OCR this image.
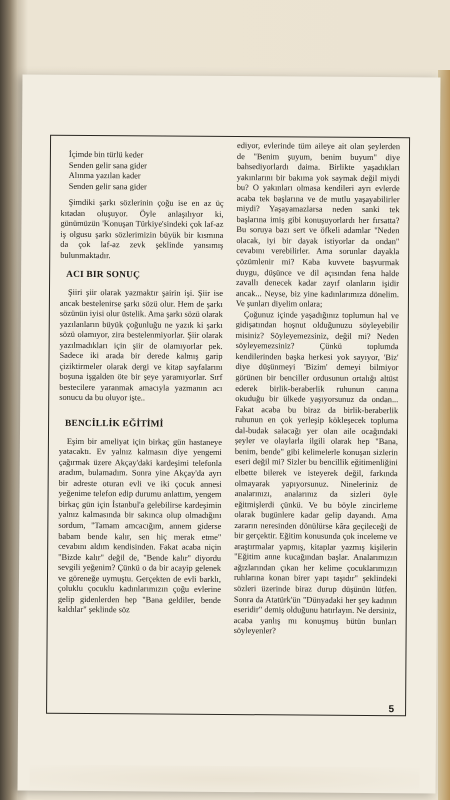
İçimde bin türlü keder
Senden gelir sana gider
Alınma yazılan kader
Senden gelir sana gider

Şimdiki şarkı sözlerinin çoğu ise en az üç kıtadan oluşuyor. Öyle anlaşılıyor ki, günümüzün 'Konuşan Türkiye'sindeki çok laf-az iş olgusu şarkı sözlerimizin büyük bir kısmına da çok laf-az zevk şeklinde yansımış bulunmaktadır.

ACI BIR SONUÇ

Şiiri şiir olarak yazmaktır şairin işi. Şiir ise ancak bestelenirse şarkı sözü olur. Hem de şarkı sözünün iyisi olur üstelik. Ama şarkı sözü olarak yazılanların büyük çoğunluğu ne yazık ki şarkı sözü olamıyor, zira bestelenmiyorlar. Şiir olarak yazılmadıkları için şiir de olamıyorlar pek. Sadece iki arada bir derede kalmış garip çiziktirmeler olarak dergi ve kitap sayfalarını boşuna işgalden öte bir şeye yaramıyorlar. Sırf bestecilere yaranmak amacıyla yazmanın acı sonucu da bu oluyor işte..

BENCİLLİK EĞİTİMİ

Eşim bir ameliyat için birkaç gün hastaneye yatacaktı. Ev yalnız kalmasın diye yengemi çağırmak üzere Akçay'daki kardeşimi telefonla aradım, bulamadım. Sonra yine Akçay'da ayrı bir adreste oturan evli ve iki çocuk annesi yeğenime telefon edip durumu anlattım, yengem birkaç gün için İstanbul'a gelebilirse kardeşimin yalnız kalmasında bir sakınca olup olmadığını sordum, "Tamam amcacığım, annem giderse babam bende kalır, sen hiç merak etme" cevabını aldım kendisinden. Fakat acaba niçin "Bizde kalır" değil de, "Bende kalır" diyordu sevgili yeğenim? Çünkü o da bir acayip gelenek ve göreneğe uymuştu. Gerçekten de evli barklı, çoluklu çocuklu kadınlarımızın çoğu evlerine gelip gidenlerden hep "Bana geldiler, bende kaldılar" şeklinde söz

ediyor, evlerinde tüm aileye ait olan şeylerden de "Benim şuyum, benim buyum" diye bahsediyorlardı daima. Birlikte yaşadıkları yakınlarını bir bakıma yok saymak değil miydi bu? O yakınları olmasa kendileri ayrı evlerde acaba tek başlarına ve de mutlu yaşayabilirler miydi? Yaşayamazlarsa neden sanki tek başlarına imiş gibi konuşuyorlardı her fırsatta? Bu soruya bazı sert ve öfkeli adamlar "Neden olacak, iyi bir dayak istiyorlar da ondan" cevabını verebilirler. Ama sorunlar dayakla çözümlenir mi? Kaba kuvvete başvurmak duygu, düşünce ve dil açısından fena halde zavallı denecek kadar zayıf olanların işidir ancak... Neyse, biz yine kadınlarımıza dönelim. Ve şunları diyelim onlara;

Çoğunuz içinde yaşadığınız toplumun hal ve gidişatından hoşnut olduğunuzu söyleyebilir misiniz? Söyleyemezsiniz, değil mi? Neden söyleyemezsiniz? Çünkü toplumda kendilerinden başka herkesi yok sayıyor, 'Biz' diye düşünmeyi 'Bizim' demeyi bilmiyor görünen bir benciller ordusunun ortalığı altüst ederek birlik-beraberlik ruhunun canına okuduğu bir ülkede yaşıyorsunuz da ondan... Fakat acaba bu biraz da birlik-beraberlik ruhunun en çok yerleşip kökleşecek topluma dal-budak salacağı yer olan aile ocağındaki şeyler ve olaylarla ilgili olarak hep "Bana, benim, bende" gibi kelimelerle konuşan sizlerin eseri değil mi? Sizler bu bencillik eğitimenliğini elbette bilerek ve isteyerek değil, farkında olmayarak yapıyorsunuz. Nineleriniz de analarınızı, analarınız da sizleri öyle eğitmişlerdi çünkü. Ve bu böyle zincirleme olarak bugünlere kadar gelip dayandı. Ama zararın neresinden dönülürse kâra geçileceği de bir gerçektir. Eğitim konusunda çok inceleme ve araştırmalar yapmış, kitaplar yazmış kişilerin "Eğitim anne kucağından başlar. Analarımızın ağızlarından çıkan her kelime çocuklarımızın ruhlarına konan birer yapı taşıdır" şeklindeki sözleri üzerinde biraz durup düşünün lütfen. Sonra da Atatürk'ün "Dünyadaki her şey kadının eseridir" demiş olduğunu hatırlayın. Ne dersiniz, acaba yanlış mı konuşmuş bütün bunları söyleyenler?

5
